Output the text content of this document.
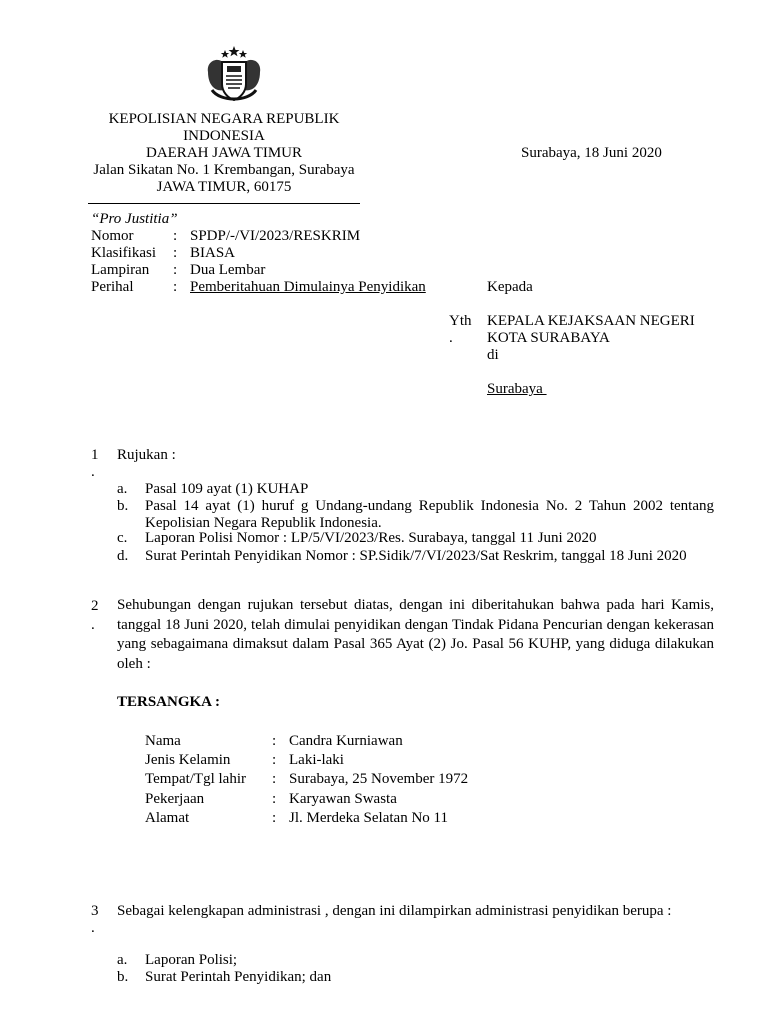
KEPOLISIAN NEGARA REPUBLIK
INDONESIA
DAERAH JAWA TIMUR
Jalan Sikatan No. 1 Krembangan, Surabaya
JAWA TIMUR, 60175
Surabaya, 18 Juni 2020
“Pro Justitia”
Nomor	: SPDP/-/VI/2023/RESKRIM
Klasifikasi : BIASA
Lampiran : Dua Lembar
Perihal	: Pemberitahuan Dimulainya Penyidikan	Kepada
Yth
.
KEPALA KEJAKSAAN NEGERI
KOTA SURABAYA
di
Surabaya
1
.
Rujukan :
a. Pasal 109 ayat (1) KUHAP
b. Pasal 14 ayat (1) huruf g Undang-undang Republik Indonesia No. 2 Tahun 2002 tentang Kepolisian Negara Republik Indonesia.
c. Laporan Polisi Nomor : LP/5/VI/2023/Res. Surabaya, tanggal 11 Juni 2020
d. Surat Perintah Penyidikan Nomor : SP.Sidik/7/VI/2023/Sat Reskrim, tanggal 18 Juni 2020
2
.
Sehubungan dengan rujukan tersebut diatas, dengan ini diberitahukan bahwa pada hari Kamis, tanggal 18 Juni 2020, telah dimulai penyidikan dengan Tindak Pidana Pencurian dengan kekerasan yang sebagaimana dimaksut dalam Pasal 365 Ayat (2) Jo. Pasal 56 KUHP, yang diduga dilakukan oleh :
TERSANGKA :
Nama	: Candra Kurniawan
Jenis Kelamin	: Laki-laki
Tempat/Tgl lahir : Surabaya, 25 November 1972
Pekerjaan	: Karyawan Swasta
Alamat	: Jl. Merdeka Selatan No 11
3
.
Sebagai kelengkapan administrasi , dengan ini dilampirkan administrasi penyidikan berupa :
a. Laporan Polisi;
b. Surat Perintah Penyidikan; dan
